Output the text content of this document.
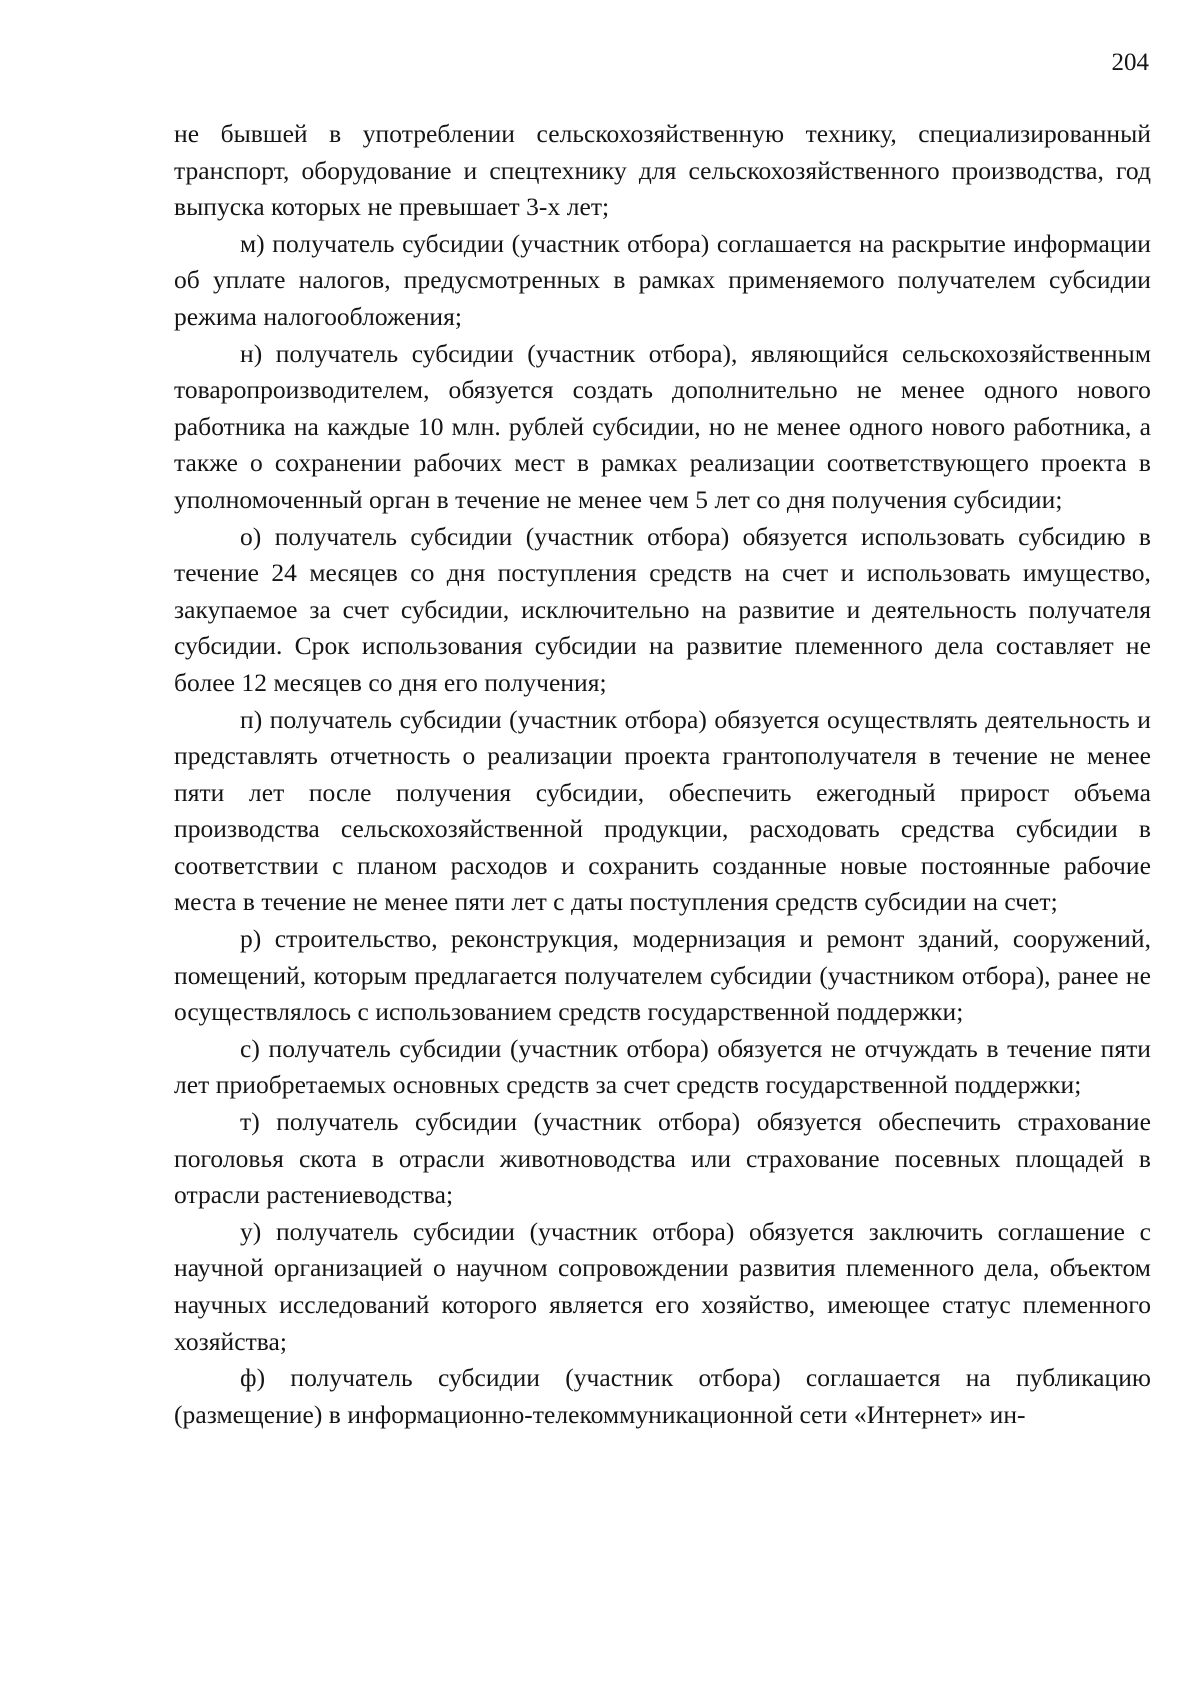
204

не бывшей в употреблении сельскохозяйственную технику, специализированный транспорт, оборудование и спецтехнику для сельскохозяйственного производства, год выпуска которых не превышает 3-х лет;

м) получатель субсидии (участник отбора) соглашается на раскрытие информации об уплате налогов, предусмотренных в рамках применяемого получателем субсидии режима налогообложения;

н) получатель субсидии (участник отбора), являющийся сельскохозяйственным товаропроизводителем, обязуется создать дополнительно не менее одного нового работника на каждые 10 млн. рублей субсидии, но не менее одного нового работника, а также о сохранении рабочих мест в рамках реализации соответствующего проекта в уполномоченный орган в течение не менее чем 5 лет со дня получения субсидии;

о) получатель субсидии (участник отбора) обязуется использовать субсидию в течение 24 месяцев со дня поступления средств на счет и использовать имущество, закупаемое за счет субсидии, исключительно на развитие и деятельность получателя субсидии. Срок использования субсидии на развитие племенного дела составляет не более 12 месяцев со дня его получения;

п) получатель субсидии (участник отбора) обязуется осуществлять деятельность и представлять отчетность о реализации проекта грантополучателя в течение не менее пяти лет после получения субсидии, обеспечить ежегодный прирост объема производства сельскохозяйственной продукции, расходовать средства субсидии в соответствии с планом расходов и сохранить созданные новые постоянные рабочие места в течение не менее пяти лет с даты поступления средств субсидии на счет;

р) строительство, реконструкция, модернизация и ремонт зданий, сооружений, помещений, которым предлагается получателем субсидии (участником отбора), ранее не осуществлялось с использованием средств государственной поддержки;

с) получатель субсидии (участник отбора) обязуется не отчуждать в течение пяти лет приобретаемых основных средств за счет средств государственной поддержки;

т) получатель субсидии (участник отбора) обязуется обеспечить страхование поголовья скота в отрасли животноводства или страхование посевных площадей в отрасли растениеводства;

у) получатель субсидии (участник отбора) обязуется заключить соглашение с научной организацией о научном сопровождении развития племенного дела, объектом научных исследований которого является его хозяйство, имеющее статус племенного хозяйства;

ф) получатель субсидии (участник отбора) соглашается на публикацию (размещение) в информационно-телекоммуникационной сети «Интернет» ин-
